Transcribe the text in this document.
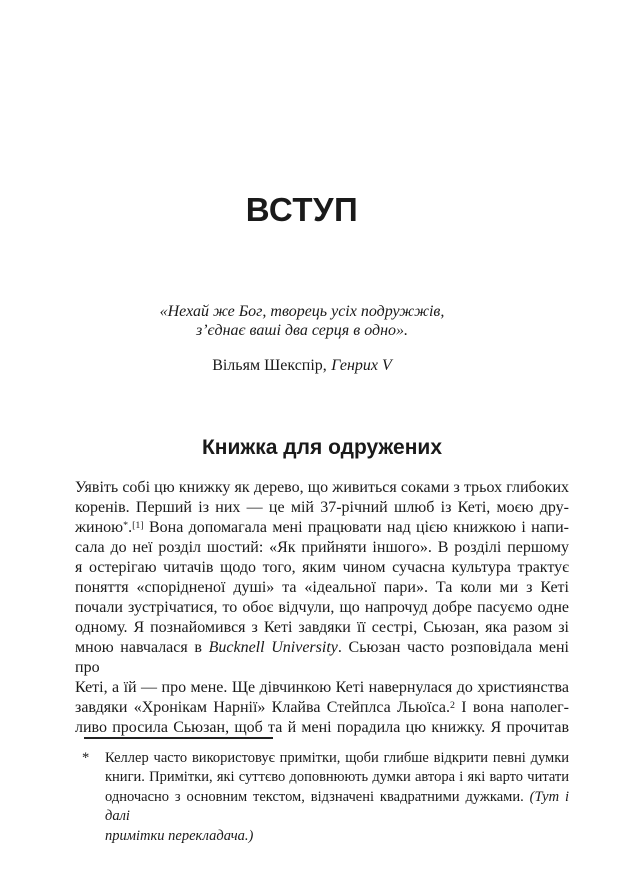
ВСТУП
«Нехай же Бог, творець усіх подружжів,
з’єднає ваші два серця в одно».
Вільям Шекспір, Генрих V
Книжка для одружених
Уявіть собі цю книжку як дерево, що живиться соками з трьох глибоких
коренів. Перший із них — це мій 37-річний шлюб із Кеті, моєю дру-
жиною*.[1] Вона допомагала мені працювати над цією книжкою і напи-
сала до неї розділ шостий: «Як прийняти іншого». В розділі першому
я остерігаю читачів щодо того, яким чином сучасна культура трактує
поняття «спорідненої душі» та «ідеальної пари». Та коли ми з Кеті
почали зустрічатися, то обоє відчули, що напрочуд добре пасуємо одне
одному. Я познайомився з Кеті завдяки її сестрі, Сьюзан, яка разом зі
мною навчалася в Bucknell University. Сьюзан часто розповідала мені про
Кеті, а їй — про мене. Ще дівчинкою Кеті навернулася до християнства
завдяки «Хронікам Нарнії» Клайва Стейплса Льюїса.$^2$ І вона наполег-
ливо просила Сьюзан, щоб та й мені порадила цю книжку. Я прочитав
* Келлер часто використовує примітки, щоби глибше відкрити певні думки
книги. Примітки, які суттєво доповнюють думки автора і які варто читати
одночасно з основним текстом, відзначені квадратними дужками. (Тут і далі
примітки перекладача.)
